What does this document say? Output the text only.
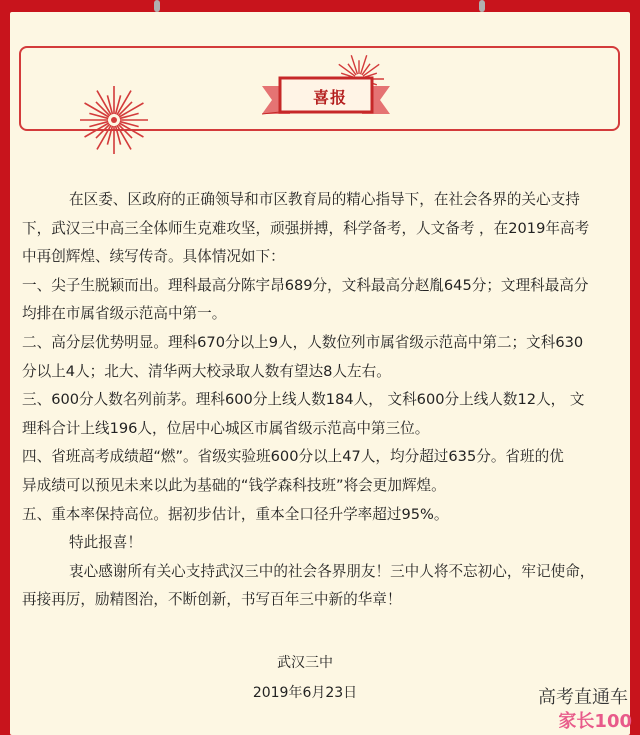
喜报

在区委、区政府的正确领导和市区教育局的精心指导下，在社会各界的关心支持

下，武汉三中高三全体师生克难攻坚，顽强拼搏，科学备考，人文备考 ，在2019年高考

中再创辉煌、续写传奇。具体情况如下：

一、尖子生脱颖而出。理科最高分陈宇昂689分，文科最高分赵胤645分；文理科最高分

均排在市属省级示范高中第一。

二、高分层优势明显。理科670分以上9人，人数位列市属省级示范高中第二；文科630

分以上4人；北大、清华两大校录取人数有望达8人左右。

三、600分人数名列前茅。理科600分上线人数184人， 文科600分上线人数12人， 文

理科合计上线196人，位居中心城区市属省级示范高中第三位。

四、省班高考成绩超“燃”。省级实验班600分以上47人，均分超过635分。省班的优

异成绩可以预见未来以此为基础的“钱学森科技班”将会更加辉煌。

五、重本率保持高位。据初步估计，重本全口径升学率超过95%。

特此报喜！

衷心感谢所有关心支持武汉三中的社会各界朋友！三中人将不忘初心，牢记使命，

再接再厉，励精图治，不断创新，书写百年三中新的华章！

武汉三中
2019年6月23日	高考直通车
家长100
